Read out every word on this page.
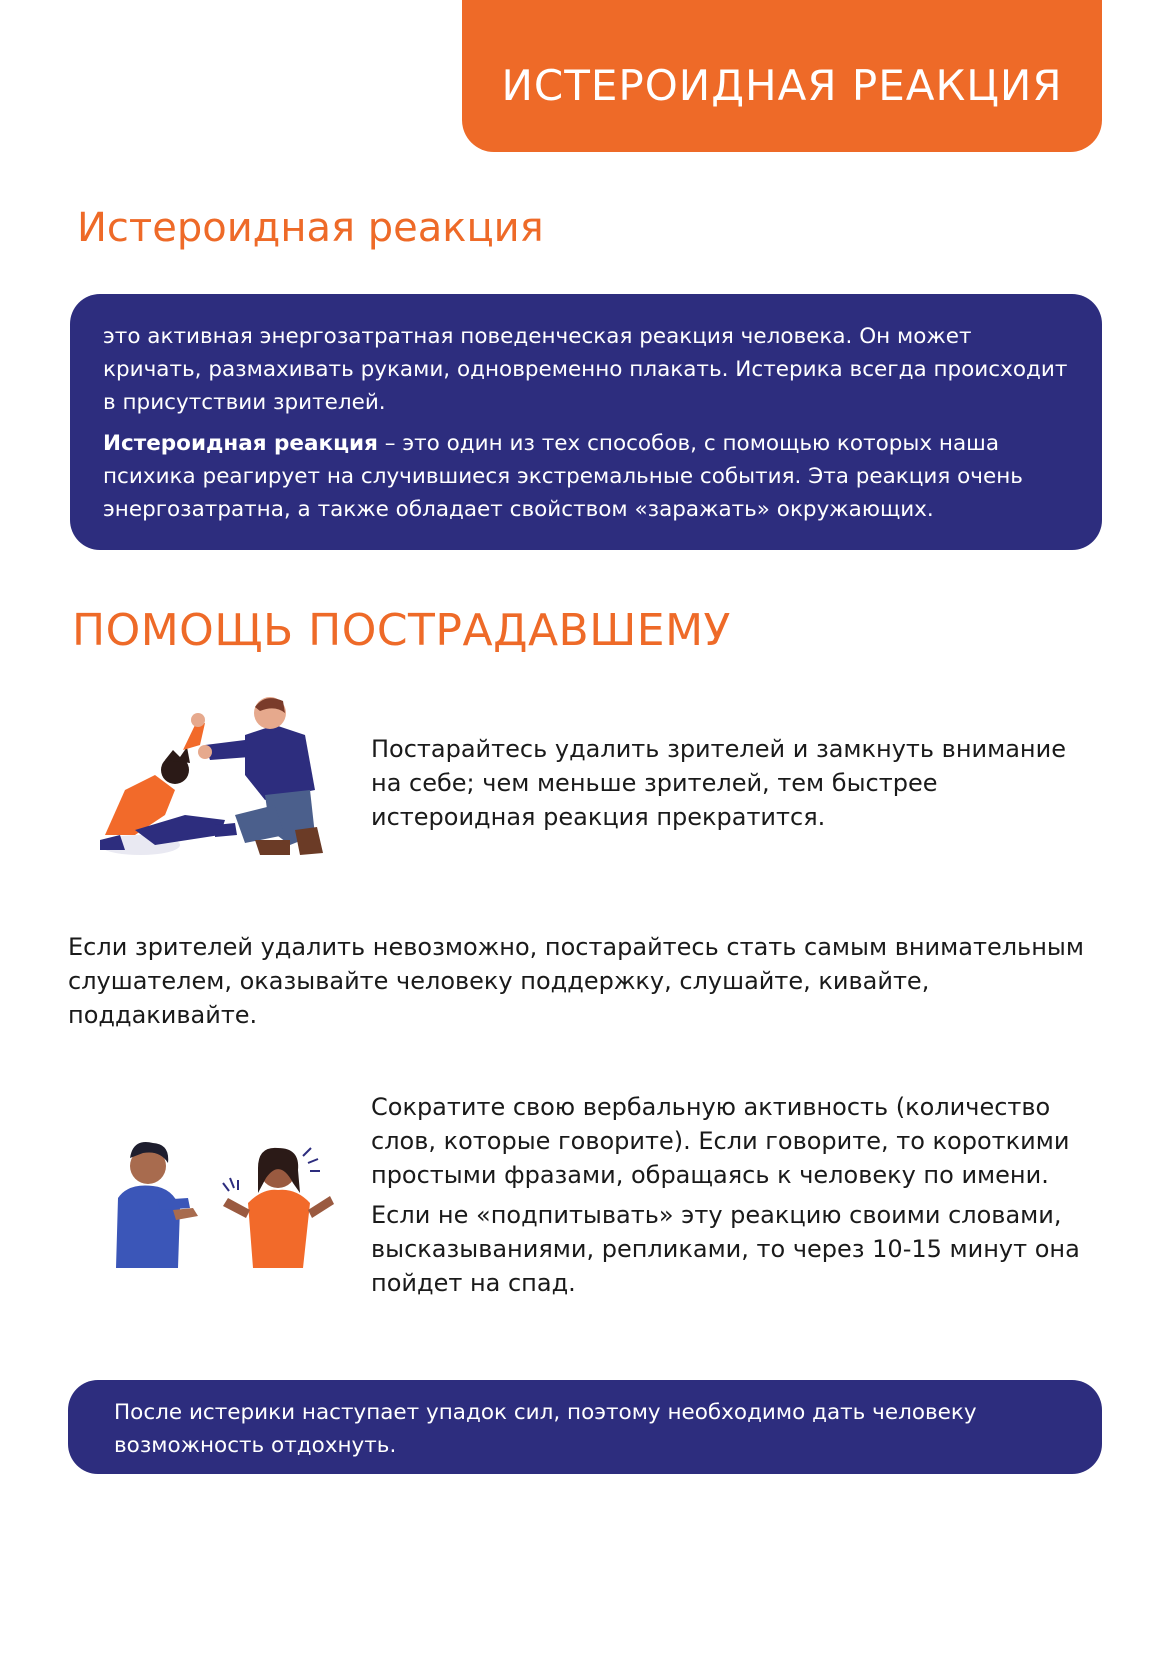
ИСТЕРОИДНАЯ РЕАКЦИЯ
Истероидная реакция

это активная энергозатратная поведенческая реакция человека. Он может кричать, размахивать руками, одновременно плакать. Истерика всегда происходит в присутствии зрителей.

Истероидная реакция – это один из тех способов, с помощью которых наша психика реагирует на случившиеся экстремальные события. Эта реакция очень энергозатратна, а также обладает свойством «заражать» окружающих.

ПОМОЩЬ ПОСТРАДАВШЕМУ
Постарайтесь удалить зрителей и замкнуть внимание на себе; чем меньше зрителей, тем быстрее истероидная реакция прекратится.
Если зрителей удалить невозможно, постарайтесь стать самым внимательным слушателем, оказывайте человеку поддержку, слушайте, кивайте, поддакивайте.

Сократите свою вербальную активность (количество слов, которые говорите). Если говорите, то короткими простыми фразами, обращаясь к человеку по имени.

Если не «подпитывать» эту реакцию своими словами, высказываниями, репликами, то через 10-15 минут она пойдет на спад.

После истерики наступает упадок сил, поэтому необходимо дать человеку возможность отдохнуть.
